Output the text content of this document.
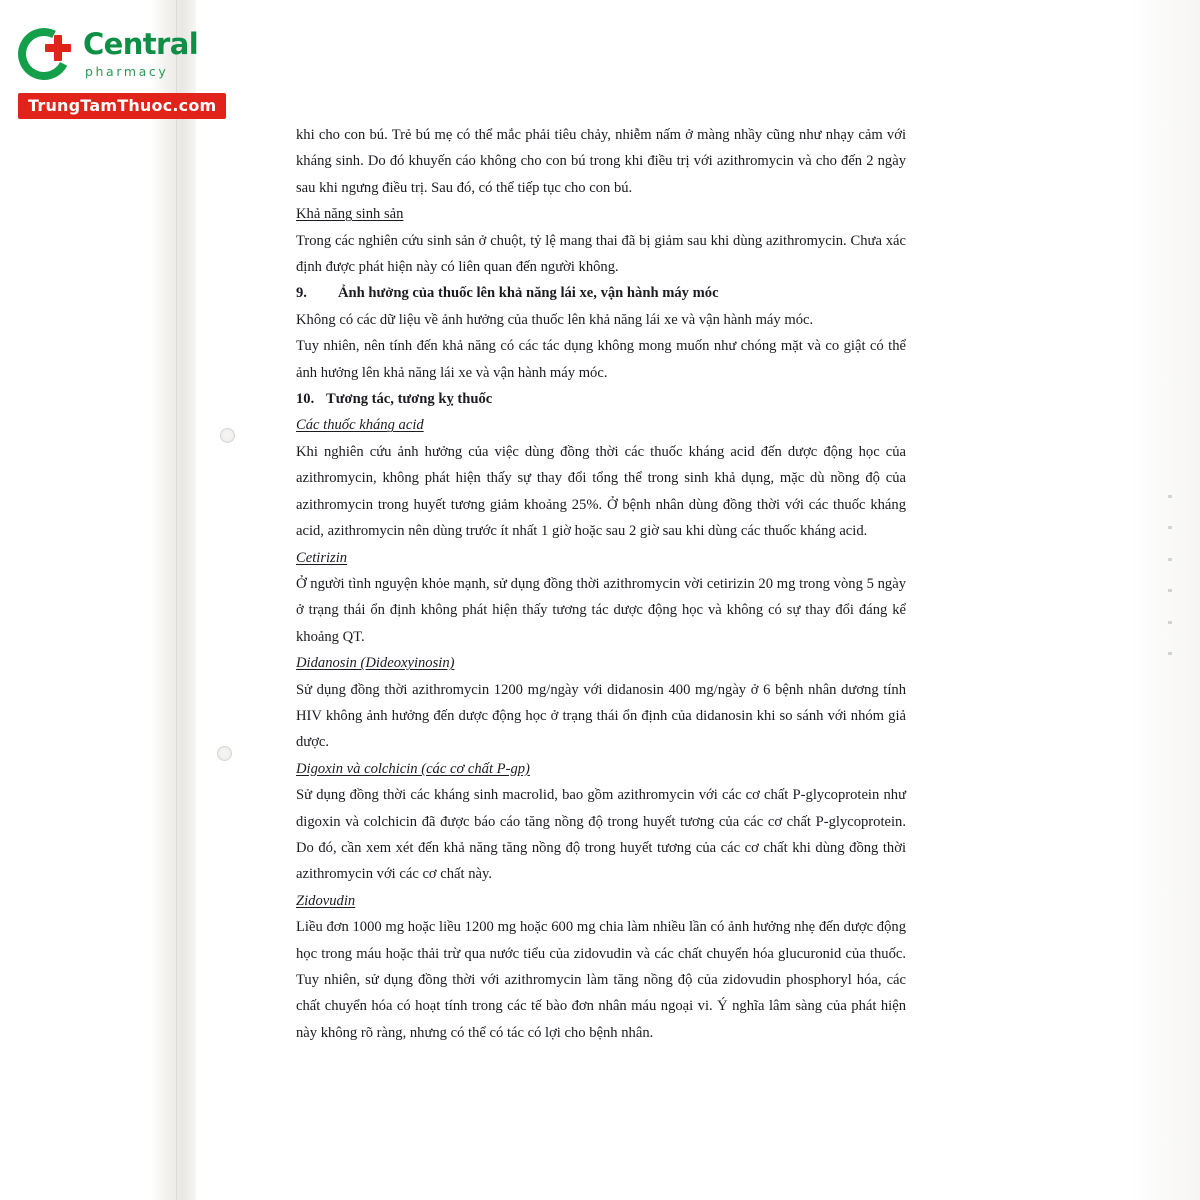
Central
pharmacy
TrungTamThuoc.com

khi cho con bú. Trẻ bú mẹ có thể mắc phải tiêu chảy, nhiễm nấm ở màng nhầy cũng như nhạy cảm với kháng sinh. Do đó khuyến cáo không cho con bú trong khi điều trị với azithromycin và cho đến 2 ngày sau khi ngưng điều trị. Sau đó, có thể tiếp tục cho con bú.

Khả năng sinh sản

Trong các nghiên cứu sinh sản ở chuột, tỷ lệ mang thai đã bị giảm sau khi dùng azithromycin. Chưa xác định được phát hiện này có liên quan đến người không.

9. Ảnh hưởng của thuốc lên khả năng lái xe, vận hành máy móc

Không có các dữ liệu về ảnh hưởng của thuốc lên khả năng lái xe và vận hành máy móc.

Tuy nhiên, nên tính đến khả năng có các tác dụng không mong muốn như chóng mặt và co giật có thể ảnh hưởng lên khả năng lái xe và vận hành máy móc.

10. Tương tác, tương kỵ thuốc

Các thuốc kháng acid

Khi nghiên cứu ảnh hưởng của việc dùng đồng thời các thuốc kháng acid đến dược động học của azithromycin, không phát hiện thấy sự thay đổi tổng thể trong sinh khả dụng, mặc dù nồng độ của azithromycin trong huyết tương giảm khoảng 25%. Ở bệnh nhân dùng đồng thời với các thuốc kháng acid, azithromycin nên dùng trước ít nhất 1 giờ hoặc sau 2 giờ sau khi dùng các thuốc kháng acid.

Cetirizin

Ở người tình nguyện khỏe mạnh, sử dụng đồng thời azithromycin vời cetirizin 20 mg trong vòng 5 ngày ở trạng thái ổn định không phát hiện thấy tương tác dược động học và không có sự thay đổi đáng kể khoảng QT.

Didanosin (Dideoxyinosin)

Sử dụng đồng thời azithromycin 1200 mg/ngày với didanosin 400 mg/ngày ở 6 bệnh nhân dương tính HIV không ảnh hưởng đến dược động học ở trạng thái ổn định của didanosin khi so sánh với nhóm giả dược.

Digoxin và colchicin (các cơ chất P-gp)

Sử dụng đồng thời các kháng sinh macrolid, bao gồm azithromycin với các cơ chất P-glycoprotein như digoxin và colchicin đã được báo cáo tăng nồng độ trong huyết tương của các cơ chất P-glycoprotein. Do đó, cần xem xét đến khả năng tăng nồng độ trong huyết tương của các cơ chất khi dùng đồng thời azithromycin với các cơ chất này.

Zidovudin

Liều đơn 1000 mg hoặc liều 1200 mg hoặc 600 mg chia làm nhiều lần có ảnh hưởng nhẹ đến dược động học trong máu hoặc thải trừ qua nước tiểu của zidovudin và các chất chuyển hóa glucuronid của thuốc. Tuy nhiên, sử dụng đồng thời với azithromycin làm tăng nồng độ của zidovudin phosphoryl hóa, các chất chuyển hóa có hoạt tính trong các tế bào đơn nhân máu ngoại vi. Ý nghĩa lâm sàng của phát hiện này không rõ ràng, nhưng có thể có tác có lợi cho bệnh nhân.
